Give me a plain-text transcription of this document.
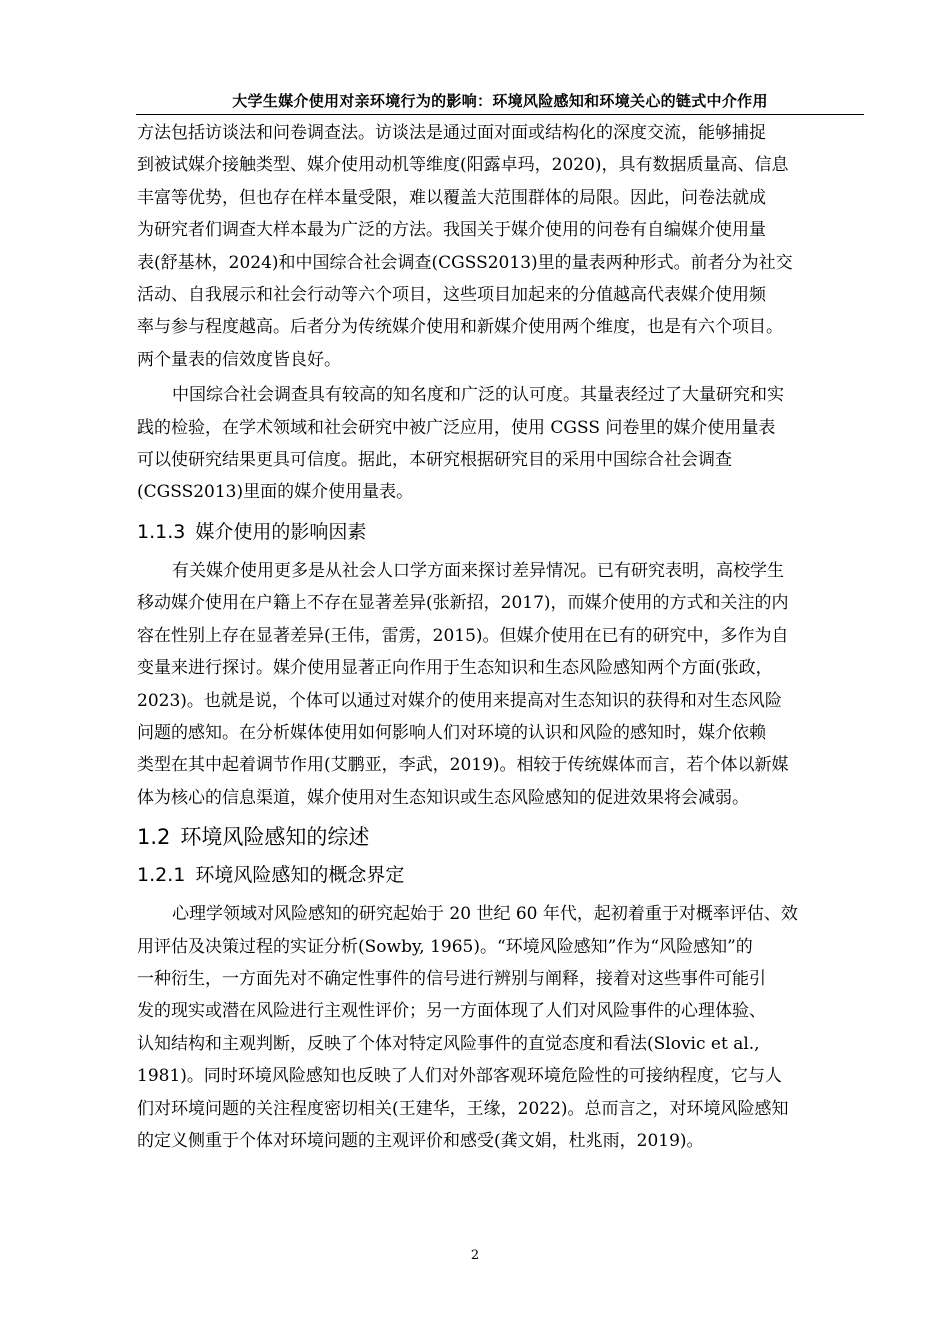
大学生媒介使用对亲环境行为的影响：环境风险感知和环境关心的链式中介作用
方法包括访谈法和问卷调查法。访谈法是通过面对面或结构化的深度交流，能够捕捉
到被试媒介接触类型、媒介使用动机等维度(阳露卓玛，2020)，具有数据质量高、信息
丰富等优势，但也存在样本量受限，难以覆盖大范围群体的局限。因此，问卷法就成
为研究者们调查大样本最为广泛的方法。我国关于媒介使用的问卷有自编媒介使用量
表(舒基林，2024)和中国综合社会调查(CGSS2013)里的量表两种形式。前者分为社交
活动、自我展示和社会行动等六个项目，这些项目加起来的分值越高代表媒介使用频
率与参与程度越高。后者分为传统媒介使用和新媒介使用两个维度，也是有六个项目。
两个量表的信效度皆良好。
中国综合社会调查具有较高的知名度和广泛的认可度。其量表经过了大量研究和实
践的检验，在学术领域和社会研究中被广泛应用，使用 CGSS 问卷里的媒介使用量表
可以使研究结果更具可信度。据此，本研究根据研究目的采用中国综合社会调查
(CGSS2013)里面的媒介使用量表。
1.1.3 媒介使用的影响因素
有关媒介使用更多是从社会人口学方面来探讨差异情况。已有研究表明，高校学生
移动媒介使用在户籍上不存在显著差异(张新招，2017)，而媒介使用的方式和关注的内
容在性别上存在显著差异(王伟，雷雳，2015)。但媒介使用在已有的研究中，多作为自
变量来进行探讨。媒介使用显著正向作用于生态知识和生态风险感知两个方面(张政，
2023)。也就是说，个体可以通过对媒介的使用来提高对生态知识的获得和对生态风险
问题的感知。在分析媒体使用如何影响人们对环境的认识和风险的感知时，媒介依赖
类型在其中起着调节作用(艾鹏亚，李武，2019)。相较于传统媒体而言，若个体以新媒
体为核心的信息渠道，媒介使用对生态知识或生态风险感知的促进效果将会减弱。
1.2 环境风险感知的综述
1.2.1 环境风险感知的概念界定
心理学领域对风险感知的研究起始于 20 世纪 60 年代，起初着重于对概率评估、效
用评估及决策过程的实证分析(Sowby, 1965)。“环境风险感知”作为“风险感知”的
一种衍生，一方面先对不确定性事件的信号进行辨别与阐释，接着对这些事件可能引
发的现实或潜在风险进行主观性评价；另一方面体现了人们对风险事件的心理体验、
认知结构和主观判断，反映了个体对特定风险事件的直觉态度和看法(Slovic et al.,
1981)。同时环境风险感知也反映了人们对外部客观环境危险性的可接纳程度，它与人
们对环境问题的关注程度密切相关(王建华，王缘，2022)。总而言之，对环境风险感知
的定义侧重于个体对环境问题的主观评价和感受(龚文娟，杜兆雨，2019)。
2
